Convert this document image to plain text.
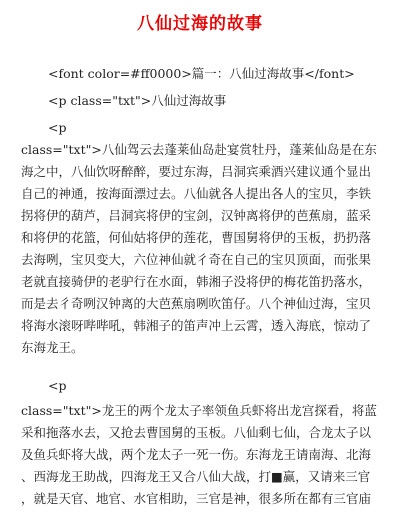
八仙过海的故事
<font color=#ff0000>篇一：八仙过海故事</font>
<p class="txt">八仙过海故事
<p
class="txt">八仙驾云去蓬莱仙岛赴宴赏牡丹，蓬莱仙岛是在东
海之中，八仙饮呀醉醉，要过东海，吕洞宾乘酒兴建议通个显出
自己的神通，按海面漂过去。八仙就各人提出各人的宝贝，李铁
拐将伊的葫芦，吕洞宾将伊的宝剑，汉钟离将伊的芭蕉扇，蓝采
和将伊的花篮，何仙姑将伊的莲花，曹国舅将伊的玉板，扔扔落
去海咧，宝贝变大，六位神仙就彳奇在自己的宝贝顶面，而张果
老就直接骑伊的老驴行在水面，韩湘子没将伊的梅花笛扔落水，
而是去彳奇咧汉钟离的大芭蕉扇咧吹笛仔。八个神仙过海，宝贝
将海水滚呀哔哔吼，韩湘子的笛声冲上云霄，透入海底，惊动了
东海龙王。
<p
class="txt">龙王的两个龙太子率领鱼兵虾将出龙宫探看，将蓝
采和拖落水去，又抢去曹国舅的玉板。八仙剩七仙，合龙太子以
及鱼兵虾将大战，两个龙太子一死一伤。东海龙王请南海、北海
、西海龙王助战，四海龙王又合八仙大战，打■赢，又请来三官
，就是天官、地官、水官相助，三官是神，很多所在都有三官庙
